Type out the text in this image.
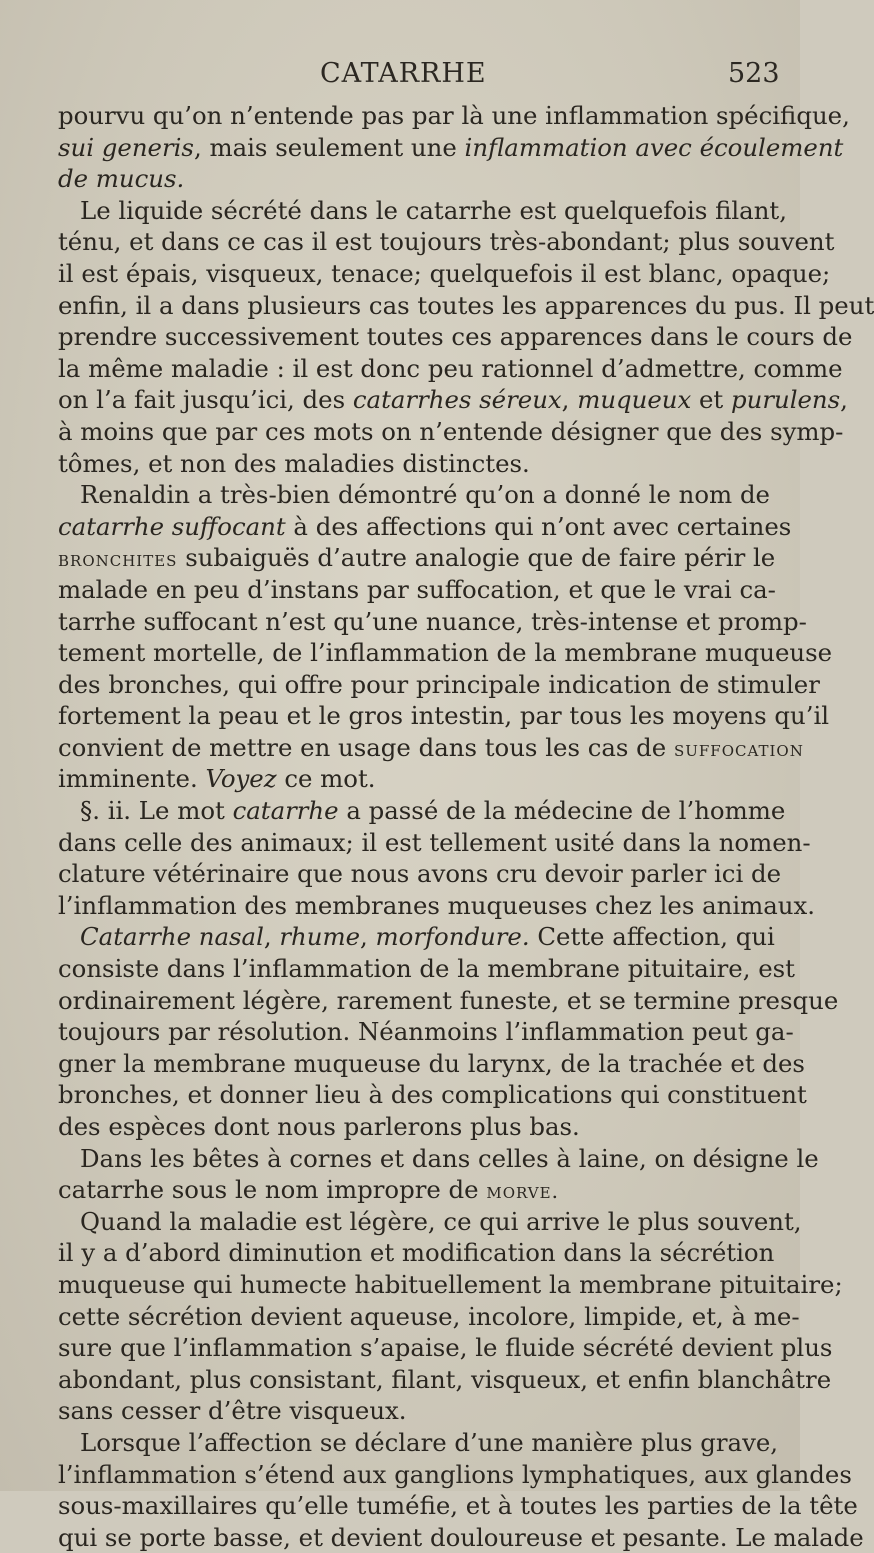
CATARRHE	523
pourvu qu’on n’entende pas par là une inflammation spécifique,
sui generis, mais seulement une inflammation avec écoulement
de mucus.
Le liquide sécrété dans le catarrhe est quelquefois filant,
ténu, et dans ce cas il est toujours très-abondant; plus souvent
il est épais, visqueux, tenace; quelquefois il est blanc, opaque;
enfin, il a dans plusieurs cas toutes les apparences du pus. Il peut
prendre successivement toutes ces apparences dans le cours de
la même maladie : il est donc peu rationnel d’admettre, comme
on l’a fait jusqu’ici, des catarrhes séreux, muqueux et purulens,
à moins que par ces mots on n’entende désigner que des symp-
tômes, et non des maladies distinctes.
Renaldin a très-bien démontré qu’on a donné le nom de
catarrhe suffocant à des affections qui n’ont avec certaines
bronchites subaiguës d’autre analogie que de faire périr le
malade en peu d’instans par suffocation, et que le vrai ca-
tarrhe suffocant n’est qu’une nuance, très-intense et promp-
tement mortelle, de l’inflammation de la membrane muqueuse
des bronches, qui offre pour principale indication de stimuler
fortement la peau et le gros intestin, par tous les moyens qu’il
convient de mettre en usage dans tous les cas de suffocation
imminente. Voyez ce mot.
§. ii. Le mot catarrhe a passé de la médecine de l’homme
dans celle des animaux; il est tellement usité dans la nomen-
clature vétérinaire que nous avons cru devoir parler ici de
l’inflammation des membranes muqueuses chez les animaux.
Catarrhe nasal, rhume, morfondure. Cette affection, qui
consiste dans l’inflammation de la membrane pituitaire, est
ordinairement légère, rarement funeste, et se termine presque
toujours par résolution. Néanmoins l’inflammation peut ga-
gner la membrane muqueuse du larynx, de la trachée et des
bronches, et donner lieu à des complications qui constituent
des espèces dont nous parlerons plus bas.
Dans les bêtes à cornes et dans celles à laine, on désigne le
catarrhe sous le nom impropre de morve.
Quand la maladie est légère, ce qui arrive le plus souvent,
il y a d’abord diminution et modification dans la sécrétion
muqueuse qui humecte habituellement la membrane pituitaire;
cette sécrétion devient aqueuse, incolore, limpide, et, à me-
sure que l’inflammation s’apaise, le fluide sécrété devient plus
abondant, plus consistant, filant, visqueux, et enfin blanchâtre
sans cesser d’être visqueux.
Lorsque l’affection se déclare d’une manière plus grave,
l’inflammation s’étend aux ganglions lymphatiques, aux glandes
sous-maxillaires qu’elle tuméfie, et à toutes les parties de la tête
qui se porte basse, et devient douloureuse et pesante. Le malade
